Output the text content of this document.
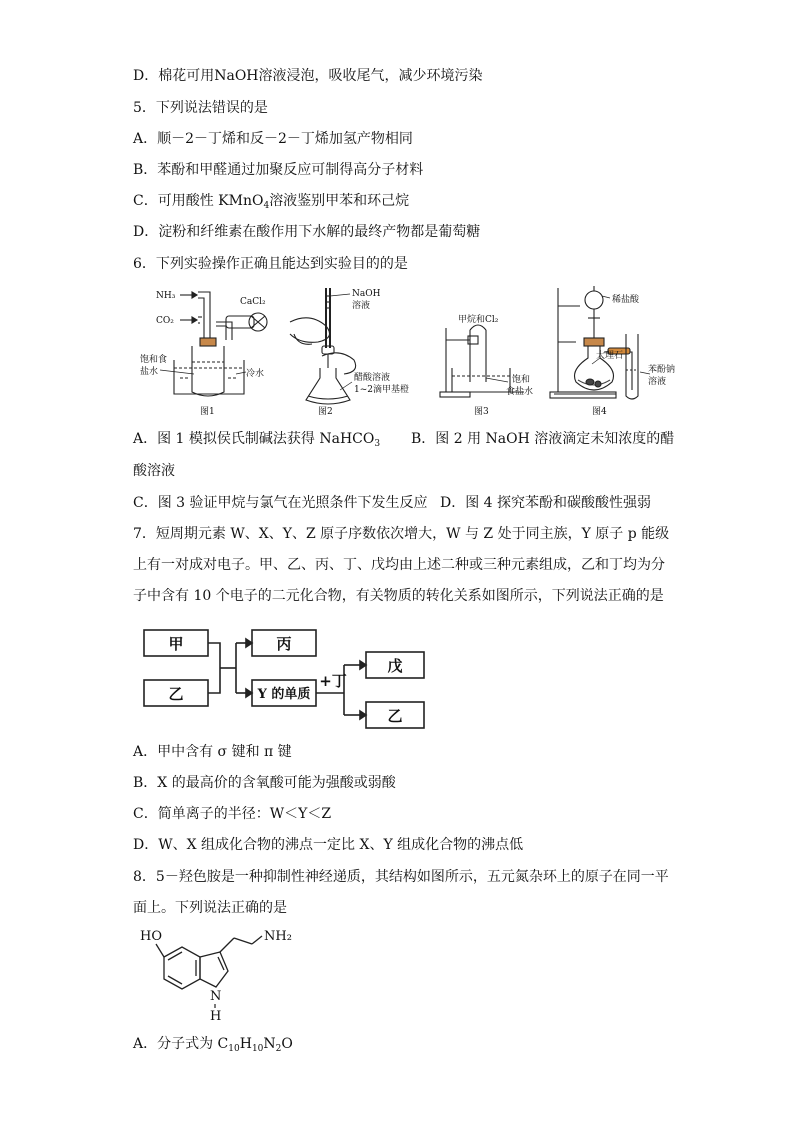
D．棉花可用NaOH溶液浸泡，吸收尾气，减少环境污染
5．下列说法错误的是
A．顺－2－丁烯和反－2－丁烯加氢产物相同
B．苯酚和甲醛通过加聚反应可制得高分子材料
C．可用酸性 KMnO$_4$溶液鉴别甲苯和环己烷
D．淀粉和纤维素在酸作用下水解的最终产物都是葡萄糖
6．下列实验操作正确且能达到实验目的的是
NH₃
CO₂
CaCl₂
饱和食
盐水	冷水
图1
NaOH
溶液
醋酸溶液
1~2滴甲基橙
图2
甲烷和Cl₂
饱和
食盐水
图3
稀盐酸
大理石
苯酚钠
溶液
图4
A．图 1 模拟侯氏制碱法获得 NaHCO$_3$ B．图 2 用 NaOH 溶液滴定未知浓度的醋
酸溶液
C．图 3 验证甲烷与氯气在光照条件下发生反应 D．图 4 探究苯酚和碳酸酸性强弱
7．短周期元素 W、X、Y、Z 原子序数依次增大，W 与 Z 处于同主族，Y 原子 p 能级
上有一对成对电子。甲、乙、丙、丁、戊均由上述二种或三种元素组成，乙和丁均为分
子中含有 10 个电子的二元化合物，有关物质的转化关系如图所示，下列说法正确的是
甲
乙
丙
Y 的单质
+丁
戊
乙
A．甲中含有 σ 键和 π 键
B．X 的最高价的含氧酸可能为强酸或弱酸
C．简单离子的半径：W＜Y＜Z
D．W、X 组成化合物的沸点一定比 X、Y 组成化合物的沸点低
8．5－羟色胺是一种抑制性神经递质，其结构如图所示，五元氮杂环上的原子在同一平
面上。下列说法正确的是
HO	NH₂
N
H
A．分子式为 $C_{10}H_{10}N_2O$
